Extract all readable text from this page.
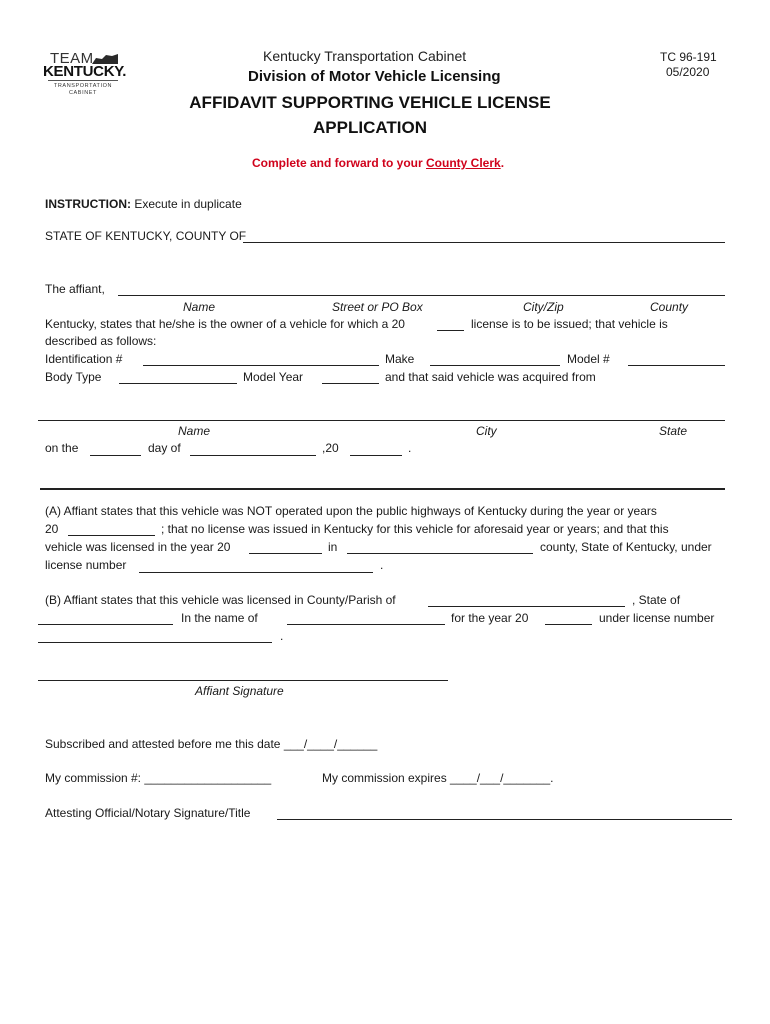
TEAM
KENTUCKY.
TRANSPORTATION
CABINET
Kentucky Transportation Cabinet
Division of Motor Vehicle Licensing
TC 96-191
05/2020
AFFIDAVIT SUPPORTING VEHICLE LICENSE
APPLICATION
Complete and forward to your County Clerk.
INSTRUCTION: Execute in duplicate
STATE OF KENTUCKY, COUNTY OF
The affiant,
Name	Street or PO Box	City/Zip	County
Kentucky, states that he/she is the owner of a vehicle for which a 20	license is to be issued; that vehicle is
described as follows:
Identification #	Make	Model #
Body Type	Model Year	and that said vehicle was acquired from
Name	City	State
on the	day of	,20	.
(A) Affiant states that this vehicle was NOT operated upon the public highways of Kentucky during the year or years
20	; that no license was issued in Kentucky for this vehicle for aforesaid year or years; and that this
vehicle was licensed in the year 20	in	county, State of Kentucky, under
license number	.
(B) Affiant states that this vehicle was licensed in County/Parish of	, State of
In the name of	for the year 20	under license number
.
Affiant Signature
Subscribed and attested before me this date ___/____/______
My commission #: ___________________	My commission expires ____/___/_______.
Attesting Official/Notary Signature/Title
